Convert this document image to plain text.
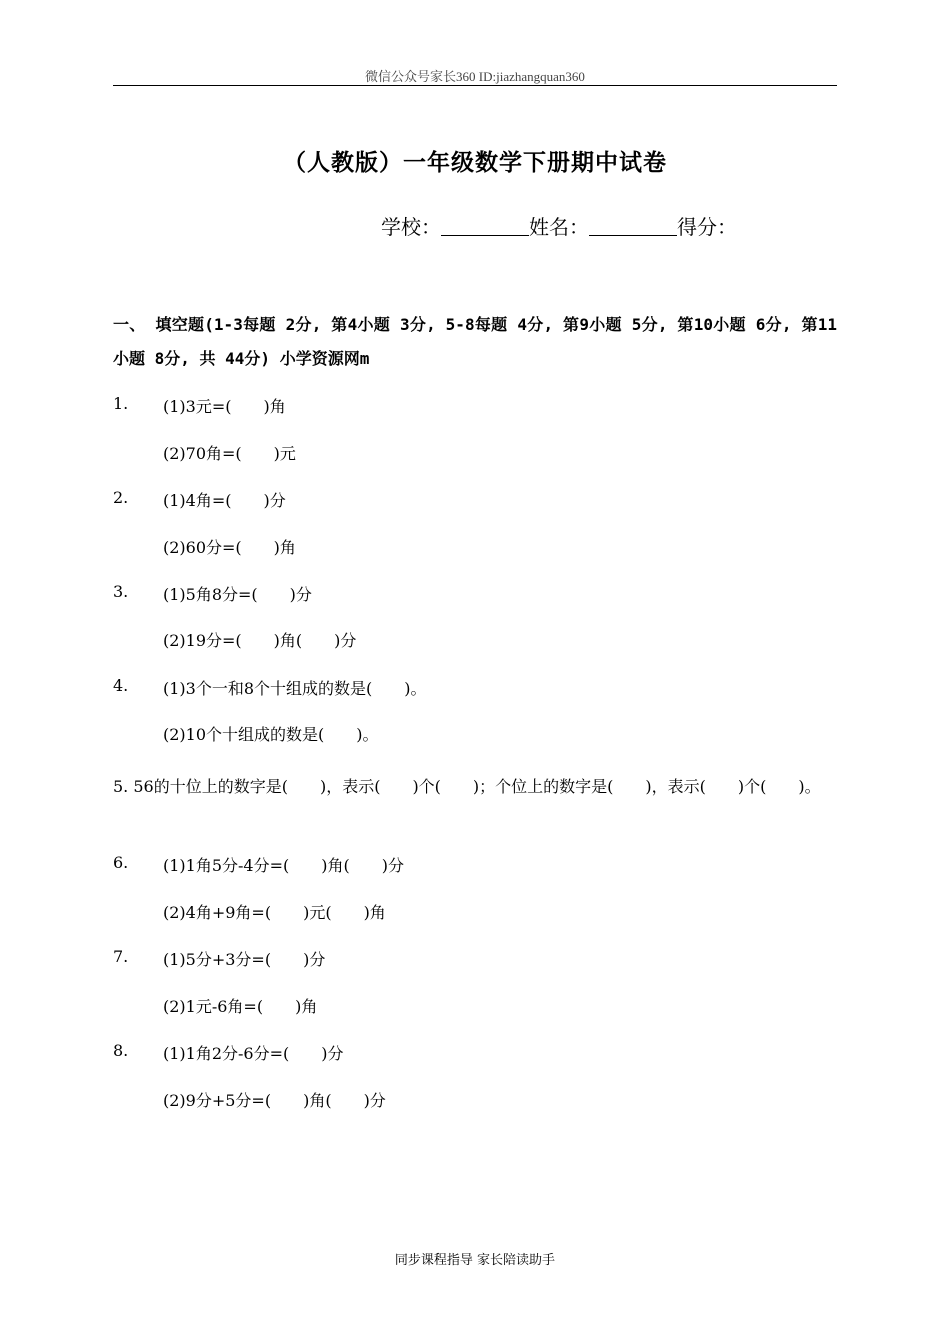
微信公众号家长360 ID:jiazhangquan360
（人教版）一年级数学下册期中试卷
学校：	姓名：	得分：
一、 填空题(1-3每题 2分, 第4小题 3分, 5-8每题 4分, 第9小题 5分, 第10小题 6分, 第11小题 8分, 共 44分) 小学资源网m
1. (1)3元=(　　)角
(2)70角=(　　)元
2. (1)4角=(　　)分
(2)60分=(　　)角
3. (1)5角8分=(　　)分
(2)19分=(　　)角(　　)分
4. (1)3个一和8个十组成的数是(　　)。
(2)10个十组成的数是(　　)。
5. 56的十位上的数字是(　　)，表示(　　)个(　　)；个位上的数字是(　　)，表示(　　)个(　　)。
6. (1)1角5分-4分=(　　)角(　　)分
(2)4角+9角=(　　)元(　　)角
7. (1)5分+3分=(　　)分
(2)1元-6角=(　　)角
8. (1)1角2分-6分=(　　)分
(2)9分+5分=(　　)角(　　)分
同步课程指导 家长陪读助手
